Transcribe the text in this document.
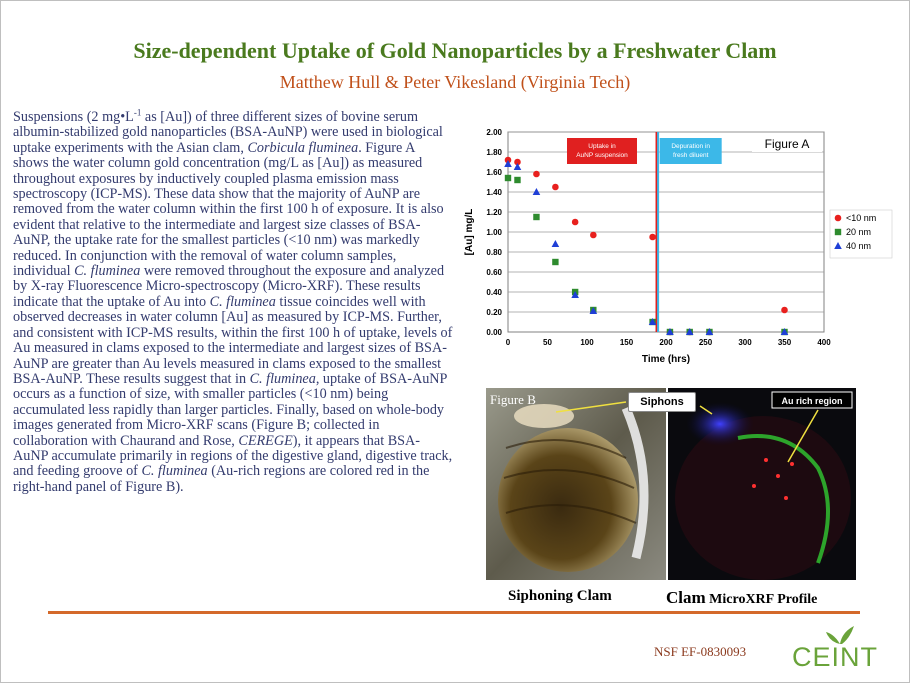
Size-dependent Uptake of Gold Nanoparticles by a Freshwater Clam
Matthew Hull & Peter Vikesland (Virginia Tech)

Suspensions (2 $mg•L^{-1}$ as [Au]) of three different sizes of bovine serum albumin-stabilized gold nanoparticles (BSA-AuNP) were used in biological uptake experiments with the Asian clam, Corbicula fluminea. Figure A shows the water column gold concentration (mg/L as [Au]) as measured throughout exposures by inductively coupled plasma emission mass spectroscopy (ICP-MS). These data show that the majority of AuNP are removed from the water column within the first 100 h of exposure. It is also evident that relative to the intermediate and largest size classes of BSA-AuNP, the uptake rate for the smallest particles (<10 nm) was markedly reduced. In conjunction with the removal of water column samples, individual C. fluminea were removed throughout the exposure and analyzed by X-ray Fluorescence Micro-spectroscopy (Micro-XRF). These results indicate that the uptake of Au into C. fluminea tissue coincides well with observed decreases in water column [Au] as measured by ICP-MS. Further, and consistent with ICP-MS results, within the first 100 h of uptake, levels of Au measured in clams exposed to the intermediate and largest sizes of BSA-AuNP are greater than Au levels measured in clams exposed to the smallest BSA-AuNP. These results suggest that in C. fluminea, uptake of BSA-AuNP occurs as a function of size, with smaller particles (<10 nm) being accumulated less rapidly than larger particles. Finally, based on whole-body images generated from Micro-XRF scans (Figure B; collected in collaboration with Chaurand and Rose, CEREGE), it appears that BSA-AuNP accumulate primarily in regions of the digestive gland, digestive track, and feeding groove of C. fluminea (Au-rich regions are colored red in the right-hand panel of Figure B).

0.00
0.20
0.40
0.60
0.80
1.00
1.20
1.40
1.60
1.80
2.00
0	50	100	150	200	250	300	350	400
Time (hrs)
[Au] mg/L
Uptake in AuNP suspension
Depuration in fresh diluent
Figure A
<10 nm
20 nm
40 nm
Figure B	Au rich region
Siphons
Siphoning Clam	Clam MicroXRF Profile
NSF EF-0830093 CEINT
